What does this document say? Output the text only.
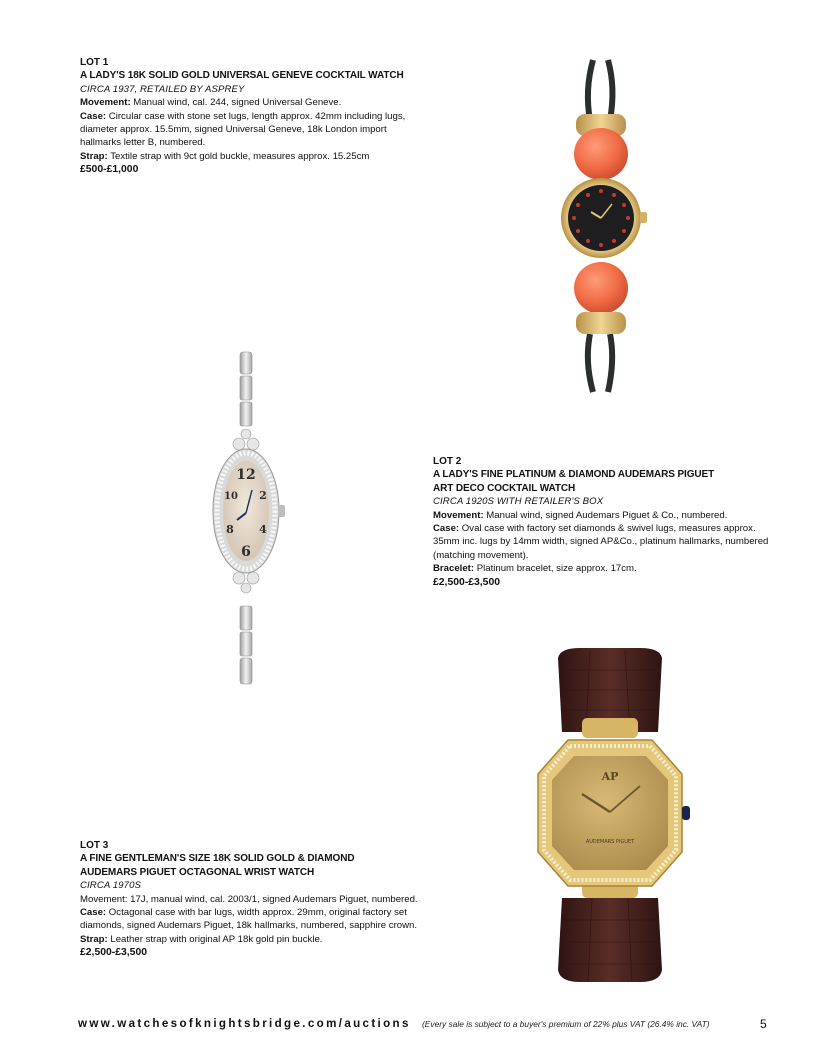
LOT 1
A LADY'S 18K SOLID GOLD UNIVERSAL GENEVE COCKTAIL WATCH
CIRCA 1937, RETAILED BY ASPREY
Movement: Manual wind, cal. 244, signed Universal Geneve.
Case: Circular case with stone set lugs, length approx. 42mm including lugs, diameter approx. 15.5mm, signed Universal Geneve, 18k London import hallmarks letter B, numbered.
Strap: Textile strap with 9ct gold buckle, measures approx. 15.25cm
£500-£1,000
LOT 2
A LADY'S FINE PLATINUM & DIAMOND AUDEMARS PIGUET
ART DECO COCKTAIL WATCH
CIRCA 1920S WITH RETAILER'S BOX
Movement: Manual wind, signed Audemars Piguet & Co., numbered.
Case: Oval case with factory set diamonds & swivel lugs, measures approx. 35mm inc. lugs by 14mm width, signed AP&Co., platinum hallmarks, numbered (matching movement).
Bracelet: Platinum bracelet, size approx. 17cm.
£2,500-£3,500
LOT 3
A FINE GENTLEMAN'S SIZE 18K SOLID GOLD & DIAMOND
AUDEMARS PIGUET OCTAGONAL WRIST WATCH
CIRCA 1970S
Movement: 17J, manual wind, cal. 2003/1, signed Audemars Piguet, numbered.
Case: Octagonal case with bar lugs, width approx. 29mm, original factory set diamonds, signed Audemars Piguet, 18k hallmarks, numbered, sapphire crown.
Strap: Leather strap with original AP 18k gold pin buckle.
£2,500-£3,500
12
2
4
6
8
10
AP
AUDEMARS PIGUET
www.watchesofknightsbridge.com/auctions (Every sale is subject to a buyer's premium of 22% plus VAT (26.4% inc. VAT)	5
